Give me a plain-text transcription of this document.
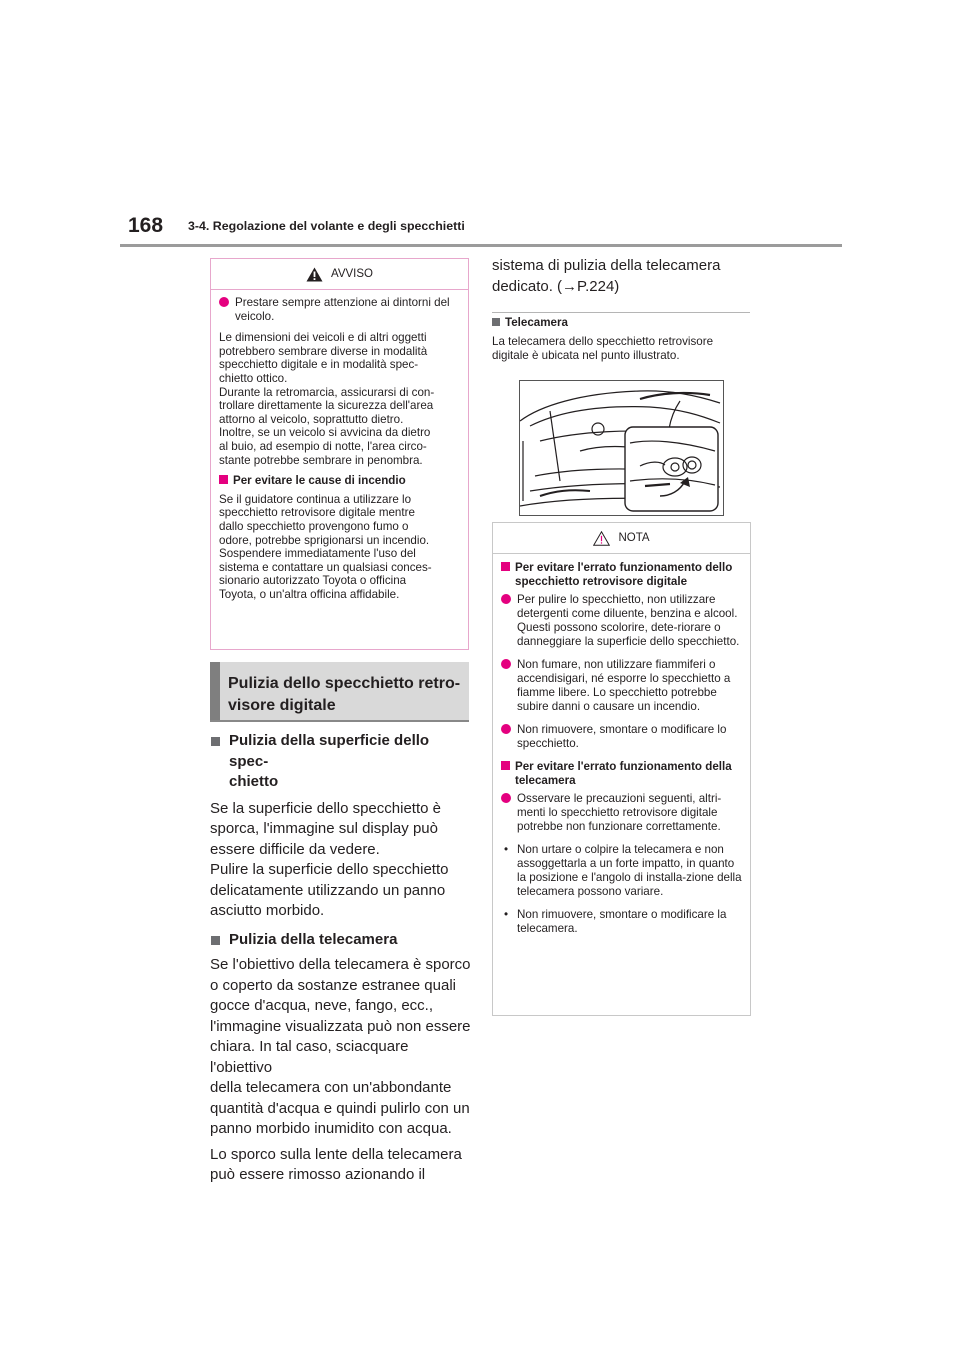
168 3-4. Regolazione del volante e degli specchietti
AVVISO
Prestare sempre attenzione ai dintorni del veicolo.
Le dimensioni dei veicoli e di altri oggetti
potrebbero sembrare diverse in modalità
specchietto digitale e in modalità spec-
chietto ottico.
Durante la retromarcia, assicurarsi di con-
trollare direttamente la sicurezza dell'area
attorno al veicolo, soprattutto dietro.
Inoltre, se un veicolo si avvicina da dietro
al buio, ad esempio di notte, l'area circo-
stante potrebbe sembrare in penombra.
Per evitare le cause di incendio
Se il guidatore continua a utilizzare lo
specchietto retrovisore digitale mentre
dallo specchietto provengono fumo o
odore, potrebbe sprigionarsi un incendio.
Sospendere immediatamente l'uso del
sistema e contattare un qualsiasi conces-
sionario autorizzato Toyota o officina
Toyota, o un'altra officina affidabile.
Pulizia dello specchietto retro-
visore digitale
Pulizia della superficie dello spec-
chietto
Se la superficie dello specchietto è
sporca, l'immagine sul display può
essere difficile da vedere.
Pulire la superficie dello specchietto
delicatamente utilizzando un panno
asciutto morbido.
Pulizia della telecamera
Se l'obiettivo della telecamera è sporco
o coperto da sostanze estranee quali
gocce d'acqua, neve, fango, ecc.,
l'immagine visualizzata può non essere
chiara. In tal caso, sciacquare l'obiettivo
della telecamera con un'abbondante
quantità d'acqua e quindi pulirlo con un
panno morbido inumidito con acqua.
Lo sporco sulla lente della telecamera
può essere rimosso azionando il
sistema di pulizia della telecamera
dedicato. (→P.224)
Telecamera
La telecamera dello specchietto retrovisore
digitale è ubicata nel punto illustrato.
NOTA
Per evitare l'errato funzionamento dello specchietto retrovisore digitale
Per pulire lo specchietto, non utilizzare detergenti come diluente, benzina e alcool. Questi possono scolorire, dete-riorare o danneggiare la superficie dello specchietto.
Non fumare, non utilizzare fiammiferi o accendisigari, né esporre lo specchietto a fiamme libere. Lo specchietto potrebbe subire danni o causare un incendio.
Non rimuovere, smontare o modificare lo specchietto.
Per evitare l'errato funzionamento della telecamera
Osservare le precauzioni seguenti, altri-menti lo specchietto retrovisore digitale potrebbe non funzionare correttamente.
• Non urtare o colpire la telecamera e non assoggettarla a un forte impatto, in quanto la posizione e l'angolo di installa-zione della telecamera possono variare.
• Non rimuovere, smontare o modificare la telecamera.
